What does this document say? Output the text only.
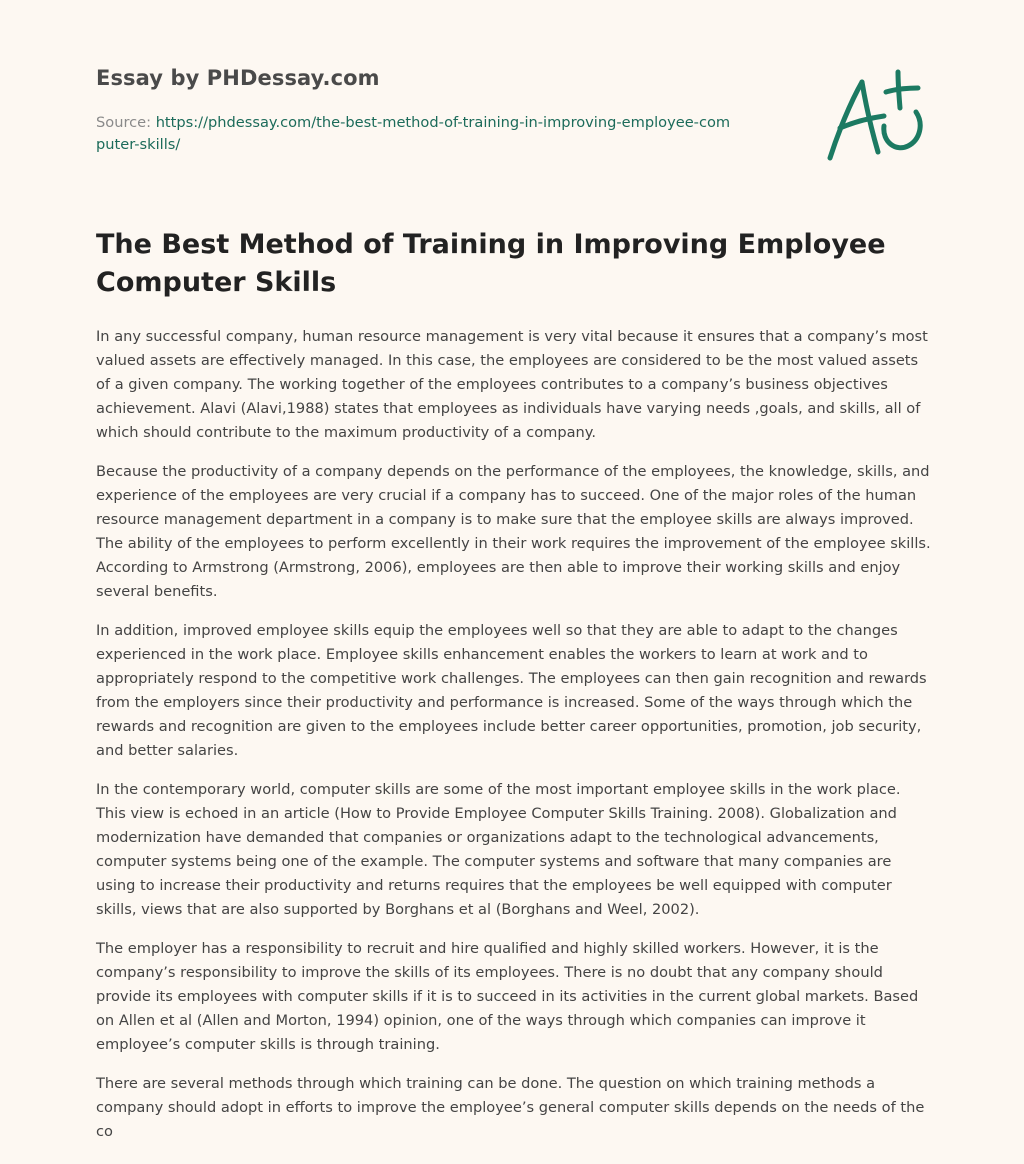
Essay by PHDessay.com
Source: https://phdessay.com/the-best-method-of-training-in-improving-employee-computer-skills/
The Best Method of Training in Improving Employee Computer Skills

In any successful company, human resource management is very vital because it ensures that a company’s most valued assets are effectively managed. In this case, the employees are considered to be the most valued assets of a given company. The working together of the employees contributes to a company’s business objectives achievement. Alavi (Alavi,1988) states that employees as individuals have varying needs ,goals, and skills, all of which should contribute to the maximum productivity of a company.

Because the productivity of a company depends on the performance of the employees, the knowledge, skills, and experience of the employees are very crucial if a company has to succeed. One of the major roles of the human resource management department in a company is to make sure that the employee skills are always improved. The ability of the employees to perform excellently in their work requires the improvement of the employee skills. According to Armstrong (Armstrong, 2006), employees are then able to improve their working skills and enjoy several benefits.

In addition, improved employee skills equip the employees well so that they are able to adapt to the changes experienced in the work place. Employee skills enhancement enables the workers to learn at work and to appropriately respond to the competitive work challenges. The employees can then gain recognition and rewards from the employers since their productivity and performance is increased. Some of the ways through which the rewards and recognition are given to the employees include better career opportunities, promotion, job security, and better salaries.

In the contemporary world, computer skills are some of the most important employee skills in the work place. This view is echoed in an article (How to Provide Employee Computer Skills Training. 2008). Globalization and modernization have demanded that companies or organizations adapt to the technological advancements, computer systems being one of the example. The computer systems and software that many companies are using to increase their productivity and returns requires that the employees be well equipped with computer skills, views that are also supported by Borghans et al (Borghans and Weel, 2002).

The employer has a responsibility to recruit and hire qualified and highly skilled workers. However, it is the company’s responsibility to improve the skills of its employees. There is no doubt that any company should provide its employees with computer skills if it is to succeed in its activities in the current global markets. Based on Allen et al (Allen and Morton, 1994) opinion, one of the ways through which companies can improve it employee’s computer skills is through training.

There are several methods through which training can be done. The question on which training methods a company should adopt in efforts to improve the employee’s general computer skills depends on the needs of the co
